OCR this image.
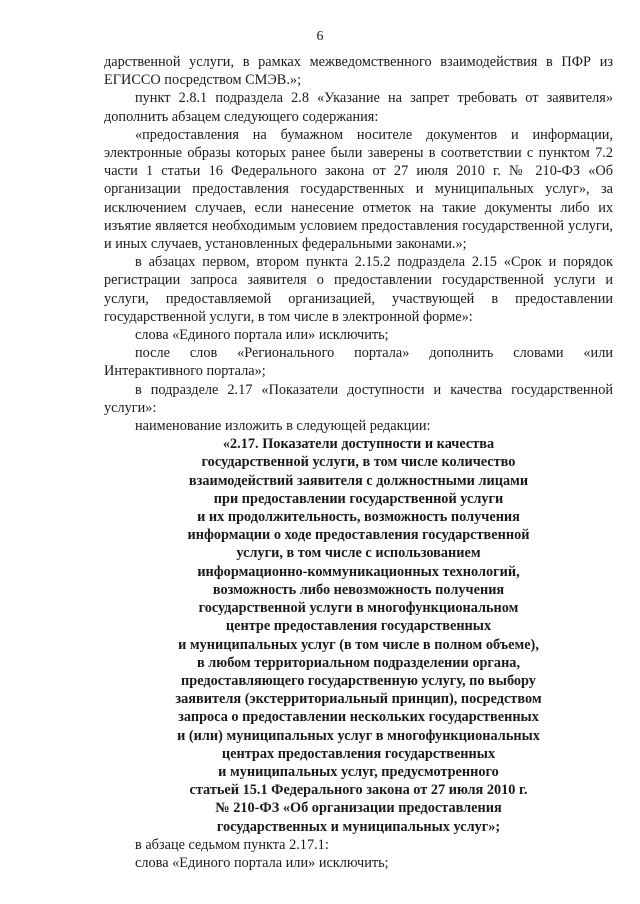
6

дарственной услуги, в рамках межведомственного взаимодействия в ПФР из ЕГИССО посредством СМЭВ.»;

пункт 2.8.1 подраздела 2.8 «Указание на запрет требовать от заявителя» дополнить абзацем следующего содержания:

«предоставления на бумажном носителе документов и информации, электронные образы которых ранее были заверены в соответствии с пунктом 7.2 части 1 статьи 16 Федерального закона от 27 июля 2010 г. № 210-ФЗ «Об организации предоставления государственных и муниципальных услуг», за исключением случаев, если нанесение отметок на такие документы либо их изъятие является необходимым условием предоставления государственной услуги, и иных случаев, установленных федеральными законами.»;

в абзацах первом, втором пункта 2.15.2 подраздела 2.15 «Срок и порядок регистрации запроса заявителя о предоставлении государственной услуги и услуги, предоставляемой организацией, участвующей в предоставлении государственной услуги, в том числе в электронной форме»:

слова «Единого портала или» исключить;

после слов «Регионального портала» дополнить словами «или Интерактивного портала»;

в подразделе 2.17 «Показатели доступности и качества государственной услуги»:

наименование изложить в следующей редакции:

«2.17. Показатели доступности и качества
государственной услуги, в том числе количество
взаимодействий заявителя с должностными лицами
при предоставлении государственной услуги
и их продолжительность, возможность получения
информации о ходе предоставления государственной
услуги, в том числе с использованием
информационно-коммуникационных технологий,
возможность либо невозможность получения
государственной услуги в многофункциональном
центре предоставления государственных
и муниципальных услуг (в том числе в полном объеме),
в любом территориальном подразделении органа,
предоставляющего государственную услугу, по выбору
заявителя (экстерриториальный принцип), посредством
запроса о предоставлении нескольких государственных
и (или) муниципальных услуг в многофункциональных
центрах предоставления государственных
и муниципальных услуг, предусмотренного
статьей 15.1 Федерального закона от 27 июля 2010 г.
№ 210-ФЗ «Об организации предоставления
государственных и муниципальных услуг»;

в абзаце седьмом пункта 2.17.1:

слова «Единого портала или» исключить;
